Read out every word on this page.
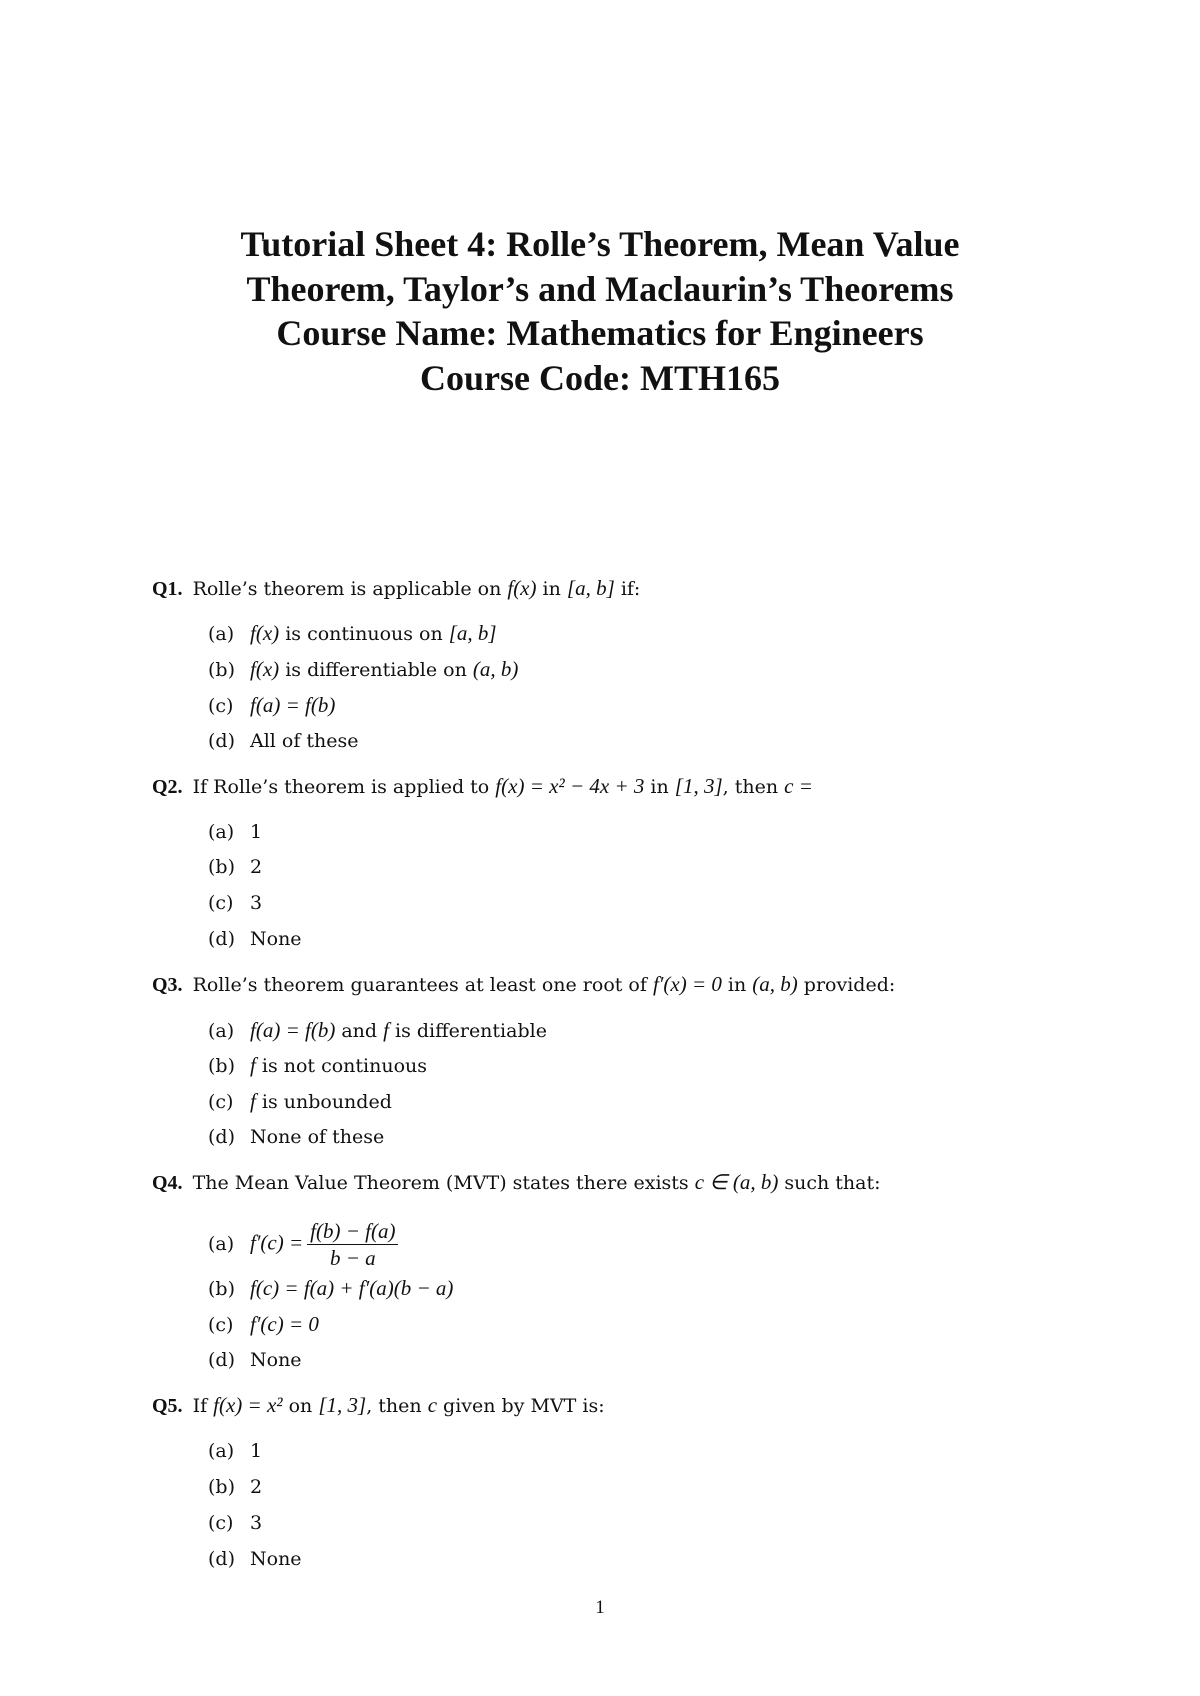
Tutorial Sheet 4: Rolle’s Theorem, Mean Value
Theorem, Taylor’s and Maclaurin’s Theorems
Course Name: Mathematics for Engineers
Course Code: MTH165
Q1. Rolle’s theorem is applicable on f(x) in [a, b] if:
(a) f(x) is continuous on [a, b]
(b) f(x) is differentiable on (a, b)
(c) f(a) = f(b)
(d) All of these
Q2. If Rolle’s theorem is applied to f(x) = x² − 4x + 3 in [1, 3], then c =
(a) 1
(b) 2
(c) 3
(d) None
Q3. Rolle’s theorem guarantees at least one root of f′(x) = 0 in (a, b) provided:
(a) f(a) = f(b) and f is differentiable
(b) f is not continuous
(c) f is unbounded
(d) None of these
Q4. The Mean Value Theorem (MVT) states there exists c ∈ (a, b) such that:
(a) $f'(c) = \frac{f(b) - f(a)}{b - a}$
(b) f(c) = f(a) + f′(a)(b − a)
(c) f′(c) = 0
(d) None
Q5. If f(x) = x² on [1, 3], then c given by MVT is:
(a) 1
(b) 2
(c) 3
(d) None
1
